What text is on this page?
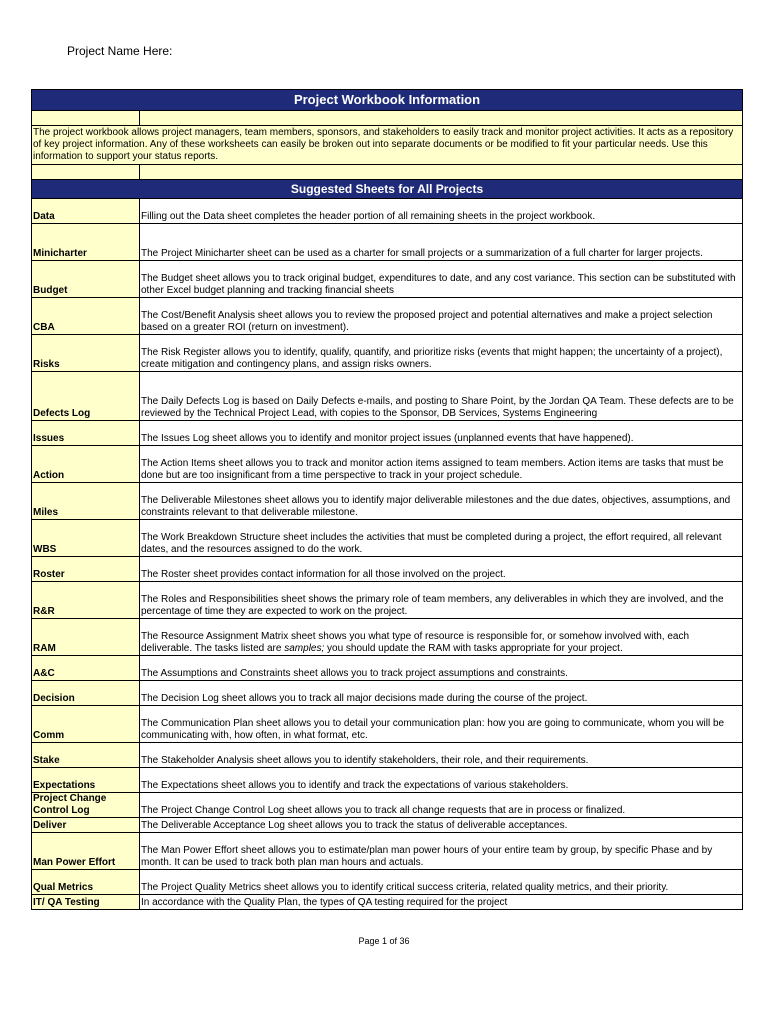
Project Name Here:
Project Workbook Information	

The project workbook allows project managers, team members, sponsors, and stakeholders to easily track and monitor project activities. It acts as a repository of key project information. Any of these worksheets can easily be broken out into separate documents or be modified to fit your particular needs. Use this information to support your status reports.	

Suggested Sheets for All Projects	
Data	Filling out the Data sheet completes the header portion of all remaining sheets in the project workbook.
Minicharter	The Project Minicharter sheet can be used as a charter for small projects or a summarization of a full charter for larger projects.
Budget	The Budget sheet allows you to track original budget, expenditures to date, and any cost variance. This section can be substituted with other Excel budget planning and tracking financial sheets
CBA	The Cost/Benefit Analysis sheet allows you to review the proposed project and potential alternatives and make a project selection based on a greater ROI (return on investment).
Risks	The Risk Register allows you to identify, qualify, quantify, and prioritize risks (events that might happen; the uncertainty of a project), create mitigation and contingency plans, and assign risks owners.
Defects Log	The Daily Defects Log is based on Daily Defects e-mails, and posting to Share Point, by the Jordan QA Team. These defects are to be reviewed by the Technical Project Lead, with copies to the Sponsor, DB Services, Systems Engineering
Issues	The Issues Log sheet allows you to identify and monitor project issues (unplanned events that have happened).
Action	The Action Items sheet allows you to track and monitor action items assigned to team members. Action items are tasks that must be done but are too insignificant from a time perspective to track in your project schedule.
Miles	The Deliverable Milestones sheet allows you to identify major deliverable milestones and the due dates, objectives, assumptions, and constraints relevant to that deliverable milestone.
WBS	The Work Breakdown Structure sheet includes the activities that must be completed during a project, the effort required, all relevant dates, and the resources assigned to do the work.
Roster	The Roster sheet provides contact information for all those involved on the project.
R&R	The Roles and Responsibilities sheet shows the primary role of team members, any deliverables in which they are involved, and the percentage of time they are expected to work on the project.
RAM	The Resource Assignment Matrix sheet shows you what type of resource is responsible for, or somehow involved with, each deliverable. The tasks listed are samples; you should update the RAM with tasks appropriate for your project.
A&C	The Assumptions and Constraints sheet allows you to track project assumptions and constraints.
Decision	The Decision Log sheet allows you to track all major decisions made during the course of the project.
Comm	The Communication Plan sheet allows you to detail your communication plan: how you are going to communicate, whom you will be communicating with, how often, in what format, etc.
Stake	The Stakeholder Analysis sheet allows you to identify stakeholders, their role, and their requirements.
Expectations	The Expectations sheet allows you to identify and track the expectations of various stakeholders.
Project Change Control Log	The Project Change Control Log sheet allows you to track all change requests that are in process or finalized.
Deliver	The Deliverable Acceptance Log sheet allows you to track the status of deliverable acceptances.
Man Power Effort	The Man Power Effort sheet allows you to estimate/plan man power hours of your entire team by group, by specific Phase and by month. It can be used to track both plan man hours and actuals.
Qual Metrics	The Project Quality Metrics sheet allows you to identify critical success criteria, related quality metrics, and their priority.
IT/ QA Testing	In accordance with the Quality Plan, the types of QA testing required for the project
Page 1 of 36
